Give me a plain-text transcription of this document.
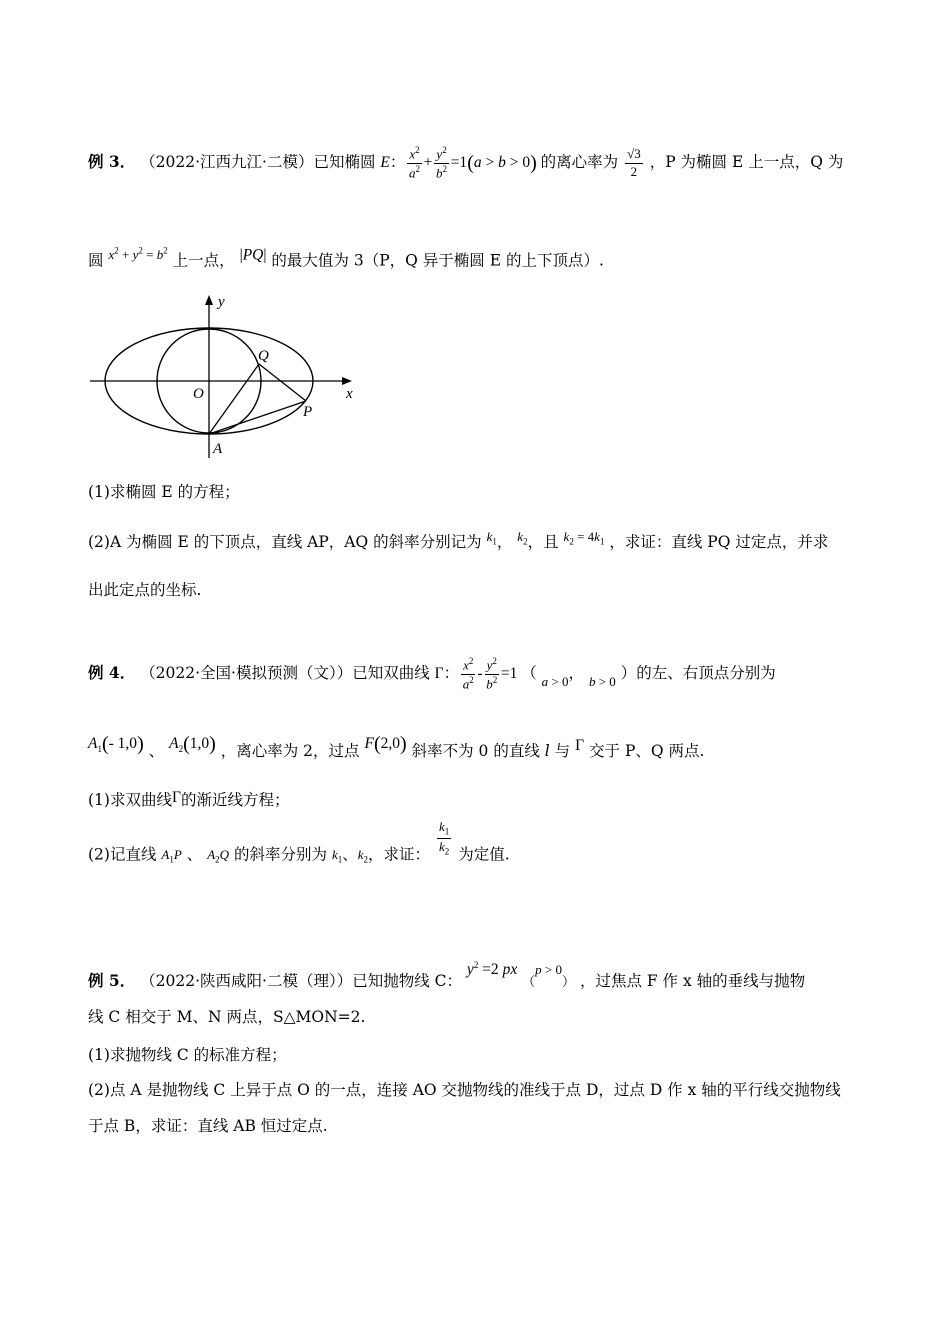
例 3． （2022·江西九江·二模）已知椭圆 E： $\frac{x^2}{a^2} + \frac{y^2}{b^2} =1(a > b > 0)$ 的离心率为 $\frac{√3}{2}$ ，P 为椭圆 E 上一点，Q 为
圆 $^{x^2 + y^2 = b^2}$ 上一点， |PQ| 的最大值为 3（P，Q 异于椭圆 E 的上下顶点）.
y
x
O
Q
P
A
(1)求椭圆 E 的方程；
(2)A 为椭圆 E 的下顶点，直线 AP，AQ 的斜率分别记为 $^{k_1}$， $^{k_2}$，且 $^{k_2 = 4k_1}$ ，求证：直线 PQ 过定点，并求
出此定点的坐标.
例 4． （2022·全国·模拟预测（文））已知双曲线 Γ： $\frac{x^2}{a^2} - \frac{y^2}{b^2} =1$ （ $_{a > 0}$， $_{b > 0}$ ）的左、右顶点分别为
$A_1(-$ 1,0) 、 $A_2(1,0)$ ，离心率为 2，过点 F(2,0) 斜率不为 0 的直线 l 与 Γ 交于 P、Q 两点.
(1)求双曲线Γ的渐近线方程；
(2)记直线 $A_1P$ 、 $A_2Q$ 的斜率分别为 $k_1$、$k_2$，求证： $\frac{k_1}{k_2}$ 为定值.
例 5． （2022·陕西咸阳·二模（理））已知抛物线 C： $y^2 =2$ px （$^{p > 0}$） ，过焦点 F 作 x 轴的垂线与抛物
线 C 相交于 M、N 两点，S△MON=2.
(1)求抛物线 C 的标准方程；
(2)点 A 是抛物线 C 上异于点 O 的一点，连接 AO 交抛物线的准线于点 D，过点 D 作 x 轴的平行线交抛物线
于点 B，求证：直线 AB 恒过定点.
